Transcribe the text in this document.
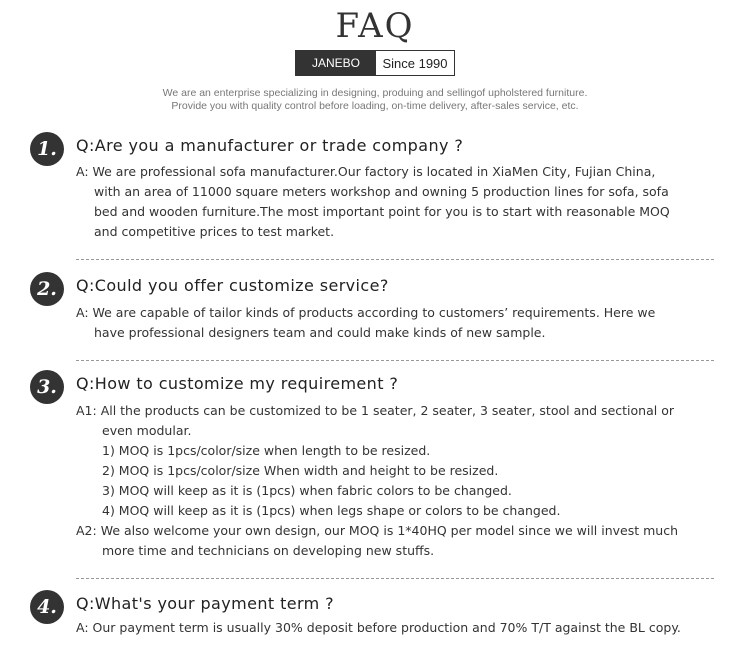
FAQ
JANEBO	Since 1990
We are an enterprise specializing in designing, produing and sellingof upholstered furniture.
Provide you with quality control before loading, on-time delivery, after-sales service, etc.
1.	Q:Are you a manufacturer or trade company ?
A: We are professional sofa manufacturer.Our factory is located in XiaMen City, Fujian China,
with an area of 11000 square meters workshop and owning 5 production lines for sofa, sofa
bed and wooden furniture.The most important point for you is to start with reasonable MOQ
and competitive prices to test market.
2.	Q:Could you offer customize service?
A: We are capable of tailor kinds of products according to customers’ requirements. Here we
have professional designers team and could make kinds of new sample.
3.	Q:How to customize my requirement ?
A1: All the products can be customized to be 1 seater, 2 seater, 3 seater, stool and sectional or
even modular.
1) MOQ is 1pcs/color/size when length to be resized.
2) MOQ is 1pcs/color/size When width and height to be resized.
3) MOQ will keep as it is (1pcs) when fabric colors to be changed.
4) MOQ will keep as it is (1pcs) when legs shape or colors to be changed.
A2: We also welcome your own design, our MOQ is 1*40HQ per model since we will invest much
more time and technicians on developing new stuffs.
4.	Q:What's your payment term ?
A: Our payment term is usually 30% deposit before production and 70% T/T against the BL copy.
